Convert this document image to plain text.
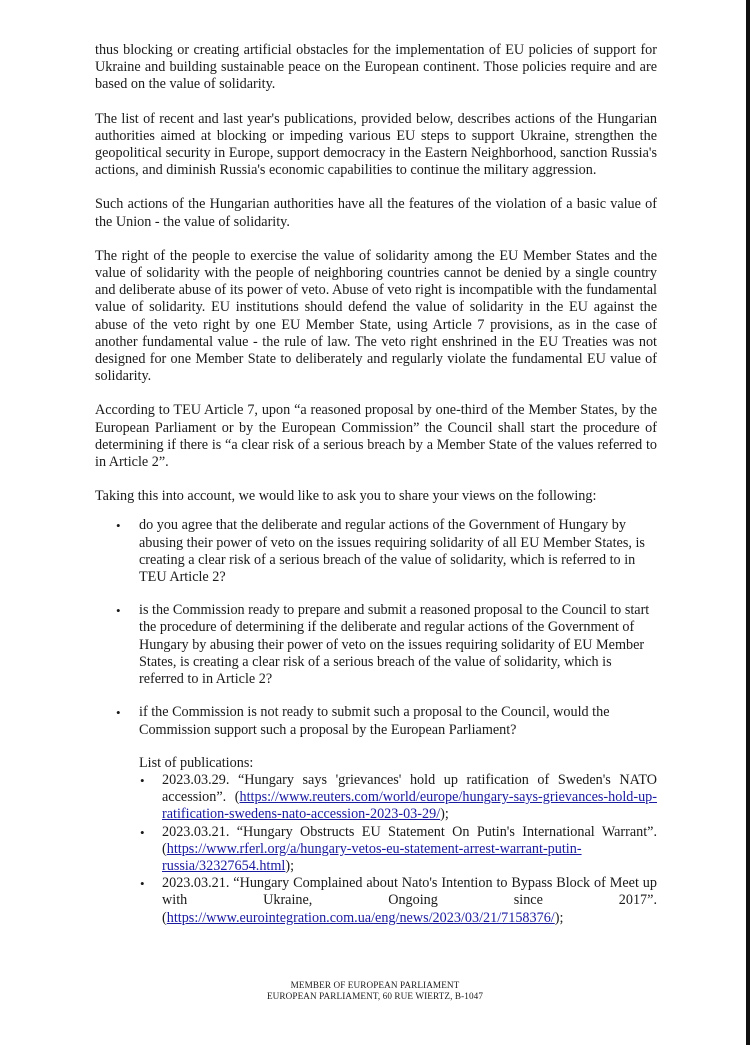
thus blocking or creating artificial obstacles for the implementation of EU policies of support for Ukraine and building sustainable peace on the European continent. Those policies require and are based on the value of solidarity.

The list of recent and last year's publications, provided below, describes actions of the Hungarian authorities aimed at blocking or impeding various EU steps to support Ukraine, strengthen the geopolitical security in Europe, support democracy in the Eastern Neighborhood, sanction Russia's actions, and diminish Russia's economic capabilities to continue the military aggression.

Such actions of the Hungarian authorities have all the features of the violation of a basic value of the Union - the value of solidarity.

The right of the people to exercise the value of solidarity among the EU Member States and the value of solidarity with the people of neighboring countries cannot be denied by a single country and deliberate abuse of its power of veto. Abuse of veto right is incompatible with the fundamental value of solidarity. EU institutions should defend the value of solidarity in the EU against the abuse of the veto right by one EU Member State, using Article 7 provisions, as in the case of another fundamental value - the rule of law. The veto right enshrined in the EU Treaties was not designed for one Member State to deliberately and regularly violate the fundamental EU value of solidarity.

According to TEU Article 7, upon “a reasoned proposal by one-third of the Member States, by the European Parliament or by the European Commission” the Council shall start the procedure of determining if there is “a clear risk of a serious breach by a Member State of the values referred to in Article 2”.

Taking this into account, we would like to ask you to share your views on the following:

• do you agree that the deliberate and regular actions of the Government of Hungary by abusing their power of veto on the issues requiring solidarity of all EU Member States, is creating a clear risk of a serious breach of the value of solidarity, which is referred to in TEU Article 2?
• is the Commission ready to prepare and submit a reasoned proposal to the Council to start the procedure of determining if the deliberate and regular actions of the Government of Hungary by abusing their power of veto on the issues requiring solidarity of EU Member States, is creating a clear risk of a serious breach of the value of solidarity, which is referred to in Article 2?
• if the Commission is not ready to submit such a proposal to the Council, would the Commission support such a proposal by the European Parliament?

List of publications:

• 2023.03.29. “Hungary says 'grievances' hold up ratification of Sweden's NATO accession”. (https://www.reuters.com/world/europe/hungary-says-grievances-hold-up-ratification-swedens-nato-accession-2023-03-29/);
• 2023.03.21. “Hungary Obstructs EU Statement On Putin's International Warrant”. (https://www.rferl.org/a/hungary-vetos-eu-statement-arrest-warrant-putin-russia/32327654.html);
• 2023.03.21. “Hungary Complained about Nato's Intention to Bypass Block of Meet up with Ukraine, Ongoing since 2017”. (https://www.eurointegration.com.ua/eng/news/2023/03/21/7158376/);
MEMBER OF EUROPEAN PARLIAMENT
EUROPEAN PARLIAMENT, 60 RUE WIERTZ, B-1047
